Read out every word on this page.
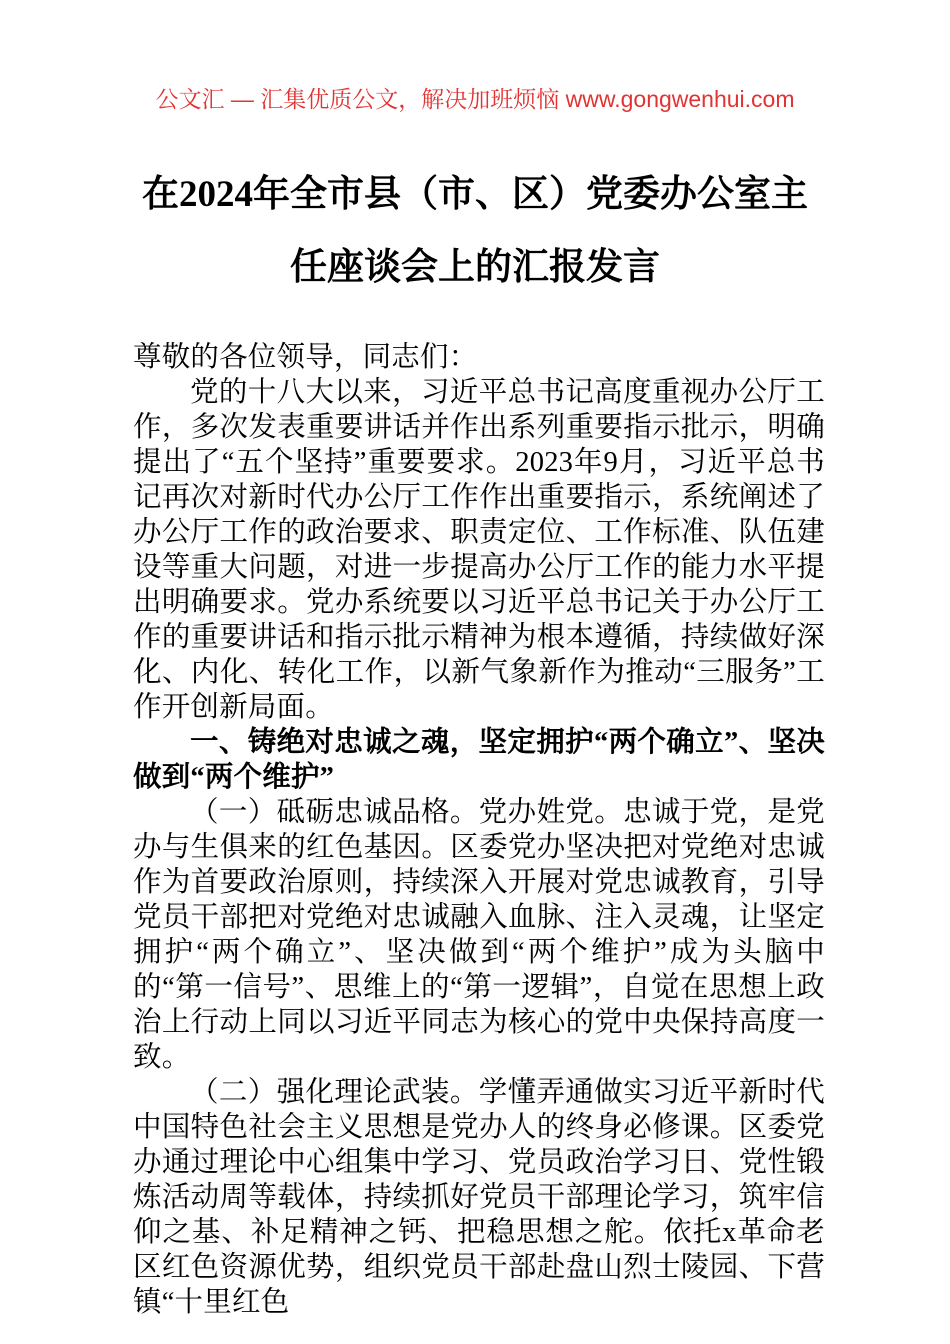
公文汇 — 汇集优质公文，解决加班烦恼 www.gongwenhui.com
在2024年全市县（市、区）党委办公室主
任座谈会上的汇报发言

尊敬的各位领导，同志们：

党的十八大以来，习近平总书记高度重视办公厅工作，多次发表重要讲话并作出系列重要指示批示，明确提出了“五个坚持”重要要求。2023年9月，习近平总书记再次对新时代办公厅工作作出重要指示，系统阐述了办公厅工作的政治要求、职责定位、工作标准、队伍建设等重大问题，对进一步提高办公厅工作的能力水平提出明确要求。党办系统要以习近平总书记关于办公厅工作的重要讲话和指示批示精神为根本遵循，持续做好深化、内化、转化工作，以新气象新作为推动“三服务”工作开创新局面。

一、铸绝对忠诚之魂，坚定拥护“两个确立”、坚决做到“两个维护”

（一）砥砺忠诚品格。党办姓党。忠诚于党，是党办与生俱来的红色基因。区委党办坚决把对党绝对忠诚作为首要政治原则，持续深入开展对党忠诚教育，引导党员干部把对党绝对忠诚融入血脉、注入灵魂，让坚定拥护“两个确立”、坚决做到“两个维护”成为头脑中的“第一信号”、思维上的“第一逻辑”，自觉在思想上政治上行动上同以习近平同志为核心的党中央保持高度一致。

（二）强化理论武装。学懂弄通做实习近平新时代中国特色社会主义思想是党办人的终身必修课。区委党办通过理论中心组集中学习、党员政治学习日、党性锻炼活动周等载体，持续抓好党员干部理论学习，筑牢信仰之基、补足精神之钙、把稳思想之舵。依托x革命老区红色资源优势，组织党员干部赴盘山烈士陵园、下营镇“十里红色
